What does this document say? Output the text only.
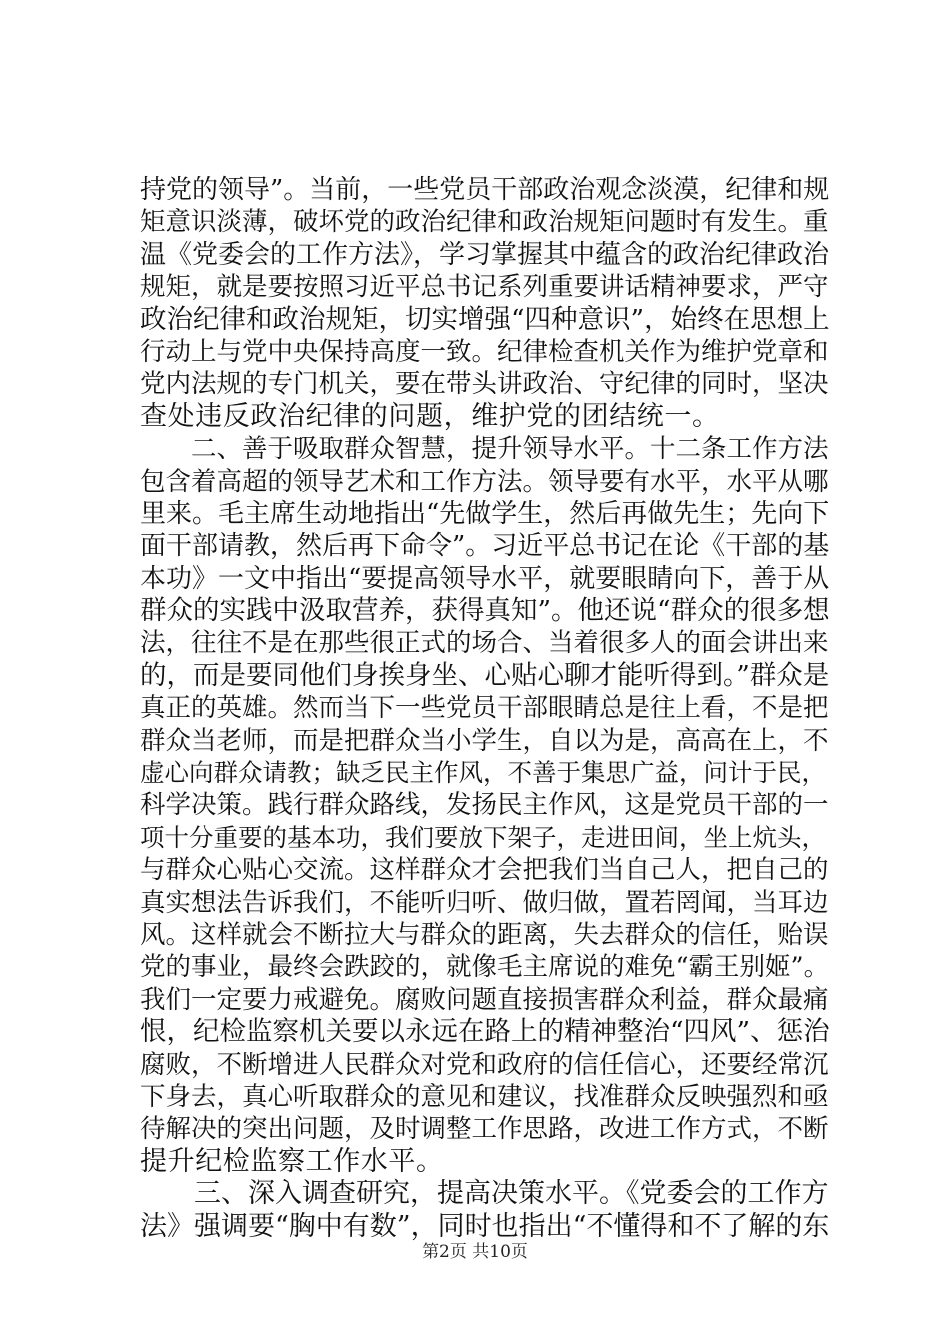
持党的领导”。当前，一些党员干部政治观念淡漠，纪律和规
矩意识淡薄，破坏党的政治纪律和政治规矩问题时有发生。重
温《党委会的工作方法》，学习掌握其中蕴含的政治纪律政治
规矩，就是要按照习近平总书记系列重要讲话精神要求，严守
政治纪律和政治规矩，切实增强“四种意识”，始终在思想上
行动上与党中央保持高度一致。纪律检查机关作为维护党章和
党内法规的专门机关，要在带头讲政治、守纪律的同时，坚决
查处违反政治纪律的问题，维护党的团结统一。
　　二、善于吸取群众智慧，提升领导水平。十二条工作方法
包含着高超的领导艺术和工作方法。领导要有水平，水平从哪
里来。毛主席生动地指出“先做学生，然后再做先生；先向下
面干部请教，然后再下命令”。习近平总书记在论《干部的基
本功》一文中指出“要提高领导水平，就要眼睛向下，善于从
群众的实践中汲取营养，获得真知”。他还说“群众的很多想
法，往往不是在那些很正式的场合、当着很多人的面会讲出来
的，而是要同他们身挨身坐、心贴心聊才能听得到。”群众是
真正的英雄。然而当下一些党员干部眼睛总是往上看，不是把
群众当老师，而是把群众当小学生，自以为是，高高在上，不
虚心向群众请教；缺乏民主作风，不善于集思广益，问计于民，
科学决策。践行群众路线，发扬民主作风，这是党员干部的一
项十分重要的基本功，我们要放下架子，走进田间，坐上炕头，
与群众心贴心交流。这样群众才会把我们当自己人，把自己的
真实想法告诉我们，不能听归听、做归做，置若罔闻，当耳边
风。这样就会不断拉大与群众的距离，失去群众的信任，贻误
党的事业，最终会跌跤的，就像毛主席说的难免“霸王别姬”。
我们一定要力戒避免。腐败问题直接损害群众利益，群众最痛
恨，纪检监察机关要以永远在路上的精神整治“四风”、惩治
腐败，不断增进人民群众对党和政府的信任信心，还要经常沉
下身去，真心听取群众的意见和建议，找准群众反映强烈和亟
待解决的突出问题，及时调整工作思路，改进工作方式，不断
提升纪检监察工作水平。
　　三、深入调查研究，提高决策水平。《党委会的工作方
法》强调要“胸中有数”，同时也指出“不懂得和不了解的东
第2页 共10页
